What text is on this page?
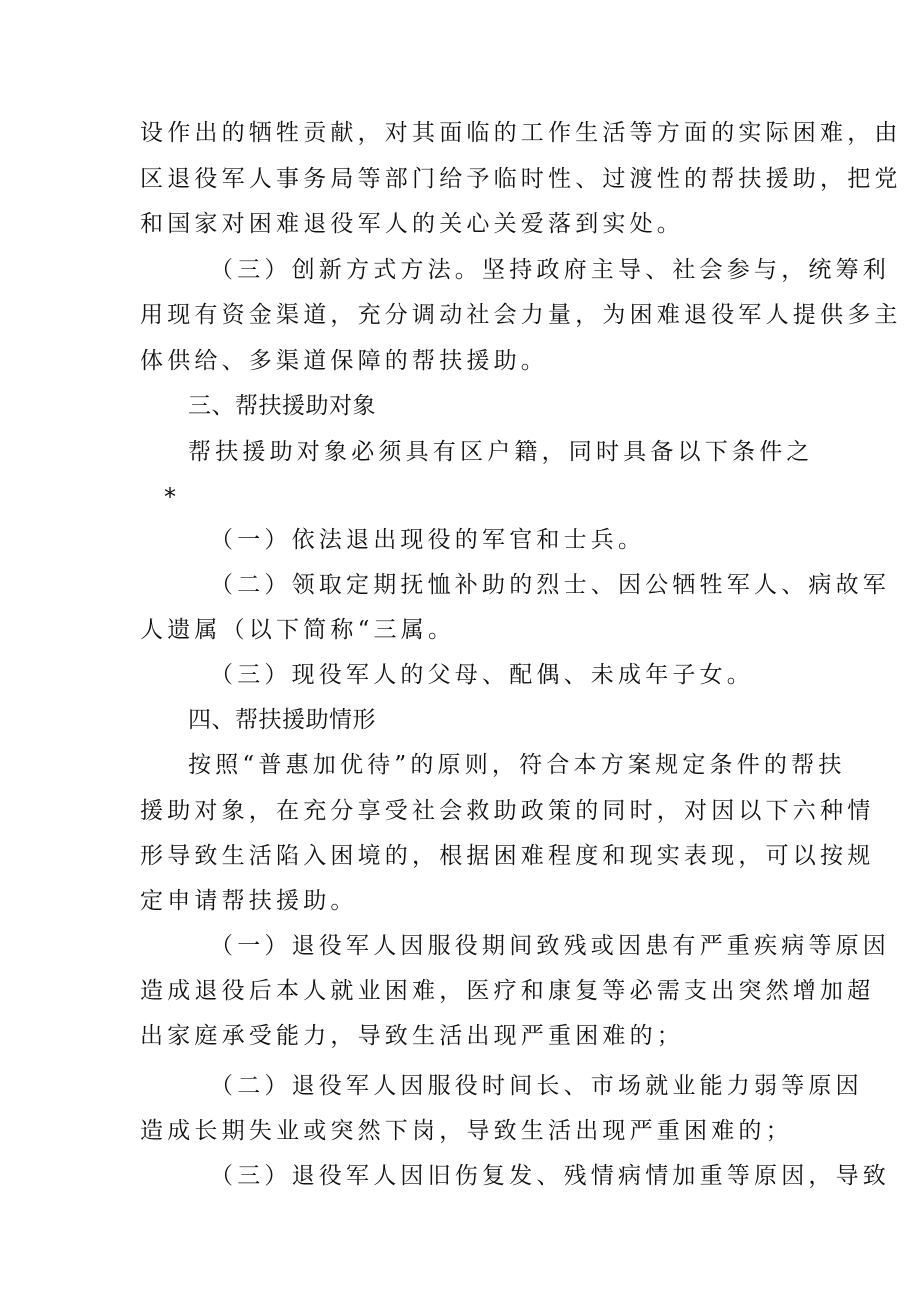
设作出的牺牲贡献，对其面临的工作生活等方面的实际困难，由
区退役军人事务局等部门给予临时性、过渡性的帮扶援助，把党
和国家对困难退役军人的关心关爱落到实处。
（三）创新方式方法。坚持政府主导、社会参与，统筹利
用现有资金渠道，充分调动社会力量，为困难退役军人提供多主
体供给、多渠道保障的帮扶援助。
三、帮扶援助对象
帮扶援助对象必须具有区户籍，同时具备以下条件之
*
（一）依法退出现役的军官和士兵。
（二）领取定期抚恤补助的烈士、因公牺牲军人、病故军
人遗属（以下简称“三属。
（三）现役军人的父母、配偶、未成年子女。
四、帮扶援助情形
按照“普惠加优待”的原则，符合本方案规定条件的帮扶
援助对象，在充分享受社会救助政策的同时，对因以下六种情
形导致生活陷入困境的，根据困难程度和现实表现，可以按规
定申请帮扶援助。
（一）退役军人因服役期间致残或因患有严重疾病等原因
造成退役后本人就业困难，医疗和康复等必需支出突然增加超
出家庭承受能力，导致生活出现严重困难的；
（二）退役军人因服役时间长、市场就业能力弱等原因
造成长期失业或突然下岗，导致生活出现严重困难的；
（三）退役军人因旧伤复发、残情病情加重等原因，导致
